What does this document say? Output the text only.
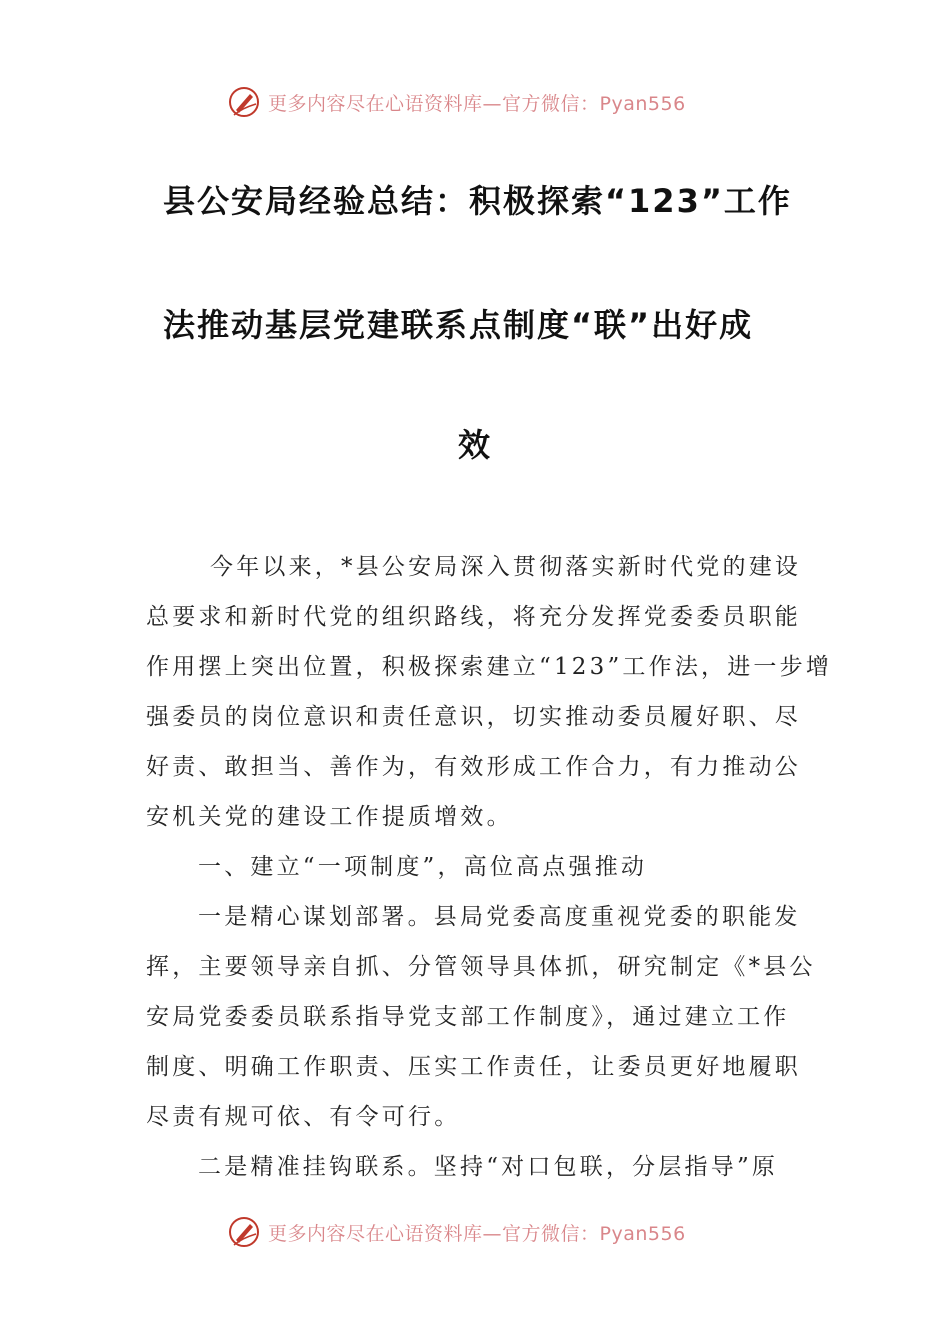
更多内容尽在心语资料库—官方微信：Pyan556
县公安局经验总结：积极探索“123”工作
法推动基层党建联系点制度“联”出好成
效
今年以来，*县公安局深入贯彻落实新时代党的建设
总要求和新时代党的组织路线，将充分发挥党委委员职能
作用摆上突出位置，积极探索建立“123”工作法，进一步增
强委员的岗位意识和责任意识，切实推动委员履好职、尽
好责、敢担当、善作为，有效形成工作合力，有力推动公
安机关党的建设工作提质增效。
一、建立“一项制度”，高位高点强推动
一是精心谋划部署。县局党委高度重视党委的职能发
挥，主要领导亲自抓、分管领导具体抓，研究制定《*县公
安局党委委员联系指导党支部工作制度》，通过建立工作
制度、明确工作职责、压实工作责任，让委员更好地履职
尽责有规可依、有令可行。
二是精准挂钩联系。坚持“对口包联，分层指导”原
更多内容尽在心语资料库—官方微信：Pyan556
